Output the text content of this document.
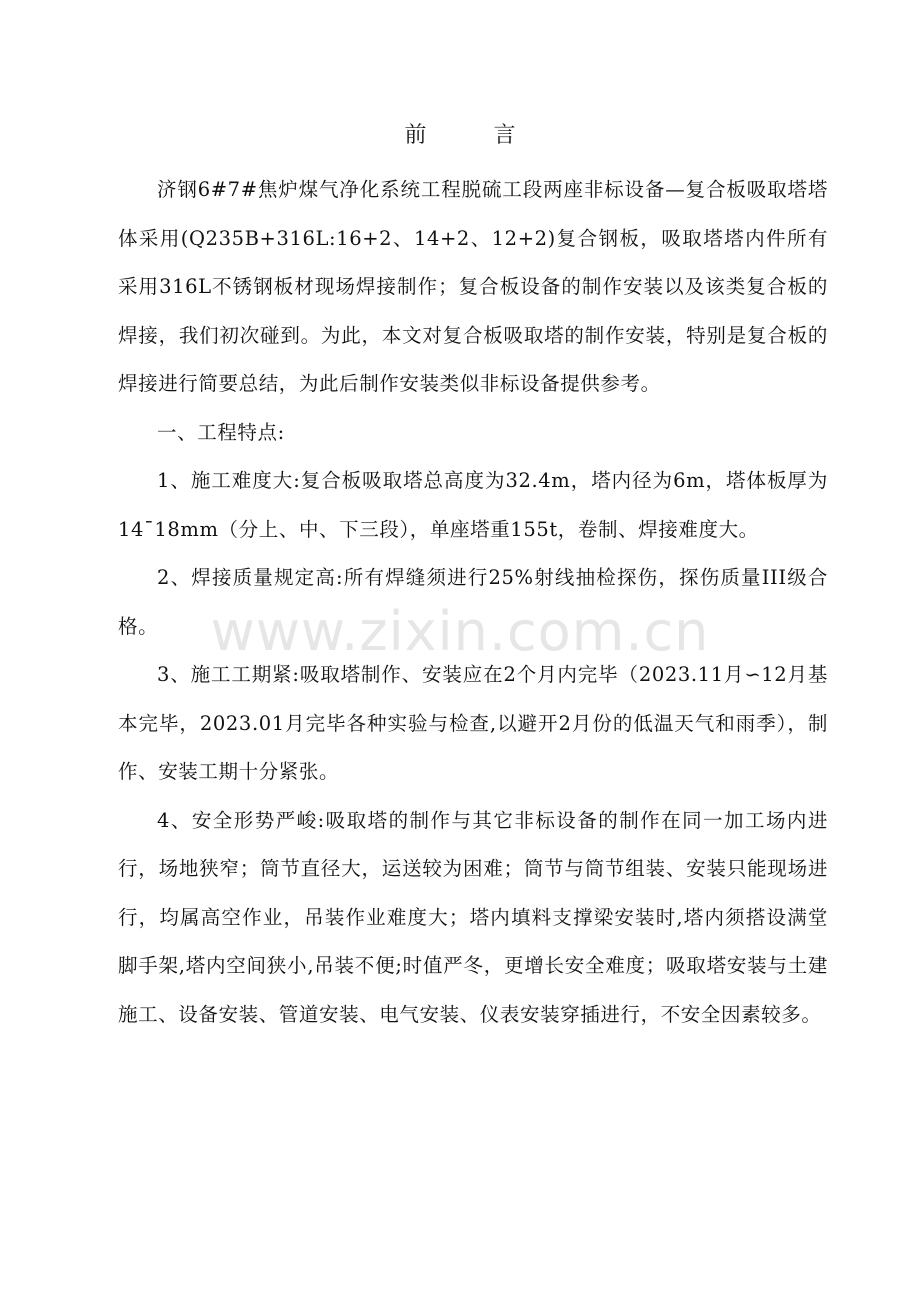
前 言

济钢6#7#焦炉煤气净化系统工程脱硫工段两座非标设备—复合板吸取塔塔体采用(Q235B+316L:16+2、14+2、12+2)复合钢板，吸取塔塔内件所有采用316L不锈钢板材现场焊接制作；复合板设备的制作安装以及该类复合板的焊接，我们初次碰到。为此，本文对复合板吸取塔的制作安装，特别是复合板的焊接进行简要总结，为此后制作安装类似非标设备提供参考。

一、工程特点:

1、施工难度大:复合板吸取塔总高度为32.4m，塔内径为6m，塔体板厚为14¯18mm（分上、中、下三段），单座塔重155t，卷制、焊接难度大。

2、焊接质量规定高:所有焊缝须进行25%射线抽检探伤，探伤质量III级合格。

3、施工工期紧:吸取塔制作、安装应在2个月内完毕（2023.11月∽12月基本完毕，2023.01月完毕各种实验与检查,以避开2月份的低温天气和雨季），制作、安装工期十分紧张。

4、安全形势严峻:吸取塔的制作与其它非标设备的制作在同一加工场内进行，场地狭窄；筒节直径大，运送较为困难；筒节与筒节组装、安装只能现场进行，均属高空作业，吊装作业难度大；塔内填料支撑梁安装时,塔内须搭设满堂脚手架,塔内空间狭小,吊装不便;时值严冬，更增长安全难度；吸取塔安装与土建施工、设备安装、管道安装、电气安装、仪表安装穿插进行，不安全因素较多。

www.zixin.com.cn
